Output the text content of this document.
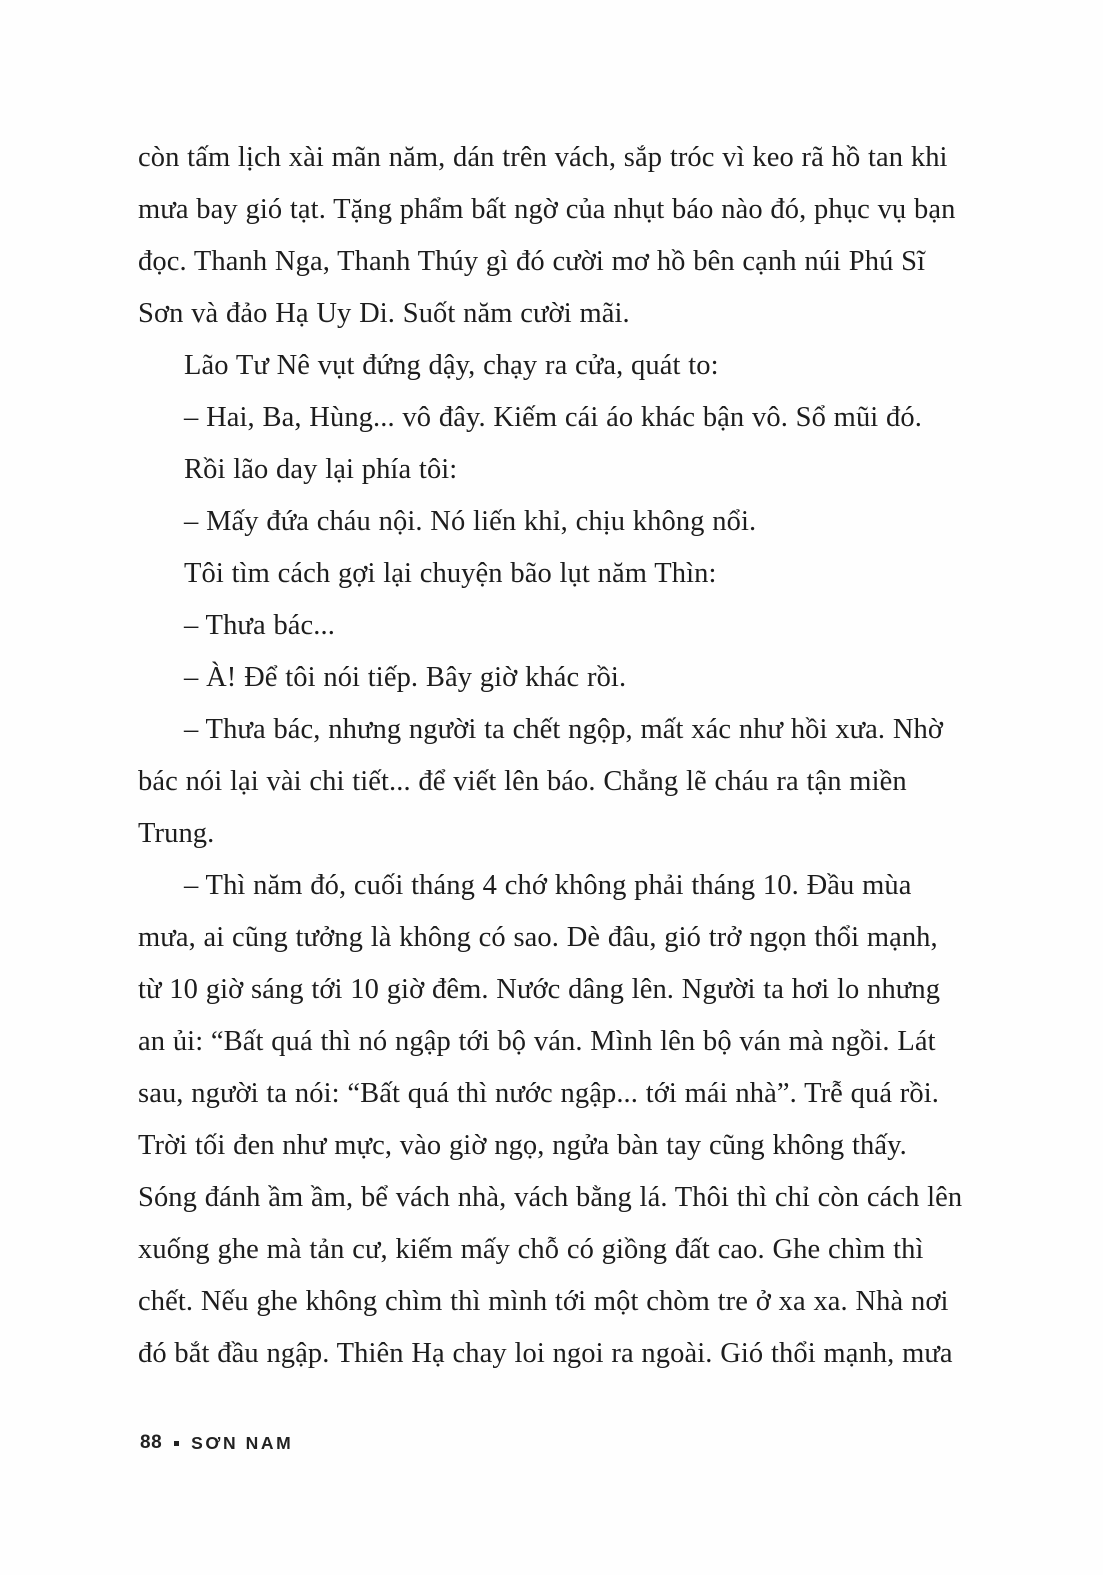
còn tấm lịch xài mãn năm, dán trên vách, sắp tróc vì keo rã hồ tan khi mưa bay gió tạt. Tặng phẩm bất ngờ của nhụt báo nào đó, phục vụ bạn đọc. Thanh Nga, Thanh Thúy gì đó cười mơ hồ bên cạnh núi Phú Sĩ Sơn và đảo Hạ Uy Di. Suốt năm cười mãi.

Lão Tư Nê vụt đứng dậy, chạy ra cửa, quát to:

– Hai, Ba, Hùng... vô đây. Kiếm cái áo khác bận vô. Sổ mũi đó.

Rồi lão day lại phía tôi:

– Mấy đứa cháu nội. Nó liến khỉ, chịu không nổi.

Tôi tìm cách gợi lại chuyện bão lụt năm Thìn:

– Thưa bác...

– À! Để tôi nói tiếp. Bây giờ khác rồi.

– Thưa bác, nhưng người ta chết ngộp, mất xác như hồi xưa. Nhờ bác nói lại vài chi tiết... để viết lên báo. Chẳng lẽ cháu ra tận miền Trung.

– Thì năm đó, cuối tháng 4 chớ không phải tháng 10. Đầu mùa mưa, ai cũng tưởng là không có sao. Dè đâu, gió trở ngọn thổi mạnh, từ 10 giờ sáng tới 10 giờ đêm. Nước dâng lên. Người ta hơi lo nhưng an ủi: “Bất quá thì nó ngập tới bộ ván. Mình lên bộ ván mà ngồi. Lát sau, người ta nói: “Bất quá thì nước ngập... tới mái nhà”. Trễ quá rồi. Trời tối đen như mực, vào giờ ngọ, ngửa bàn tay cũng không thấy. Sóng đánh ầm ầm, bể vách nhà, vách bằng lá. Thôi thì chỉ còn cách lên xuống ghe mà tản cư, kiếm mấy chỗ có giồng đất cao. Ghe chìm thì chết. Nếu ghe không chìm thì mình tới một chòm tre ở xa xa. Nhà nơi đó bắt đầu ngập. Thiên Hạ chay loi ngoi ra ngoài. Gió thổi mạnh, mưa

88 SƠN NAM
